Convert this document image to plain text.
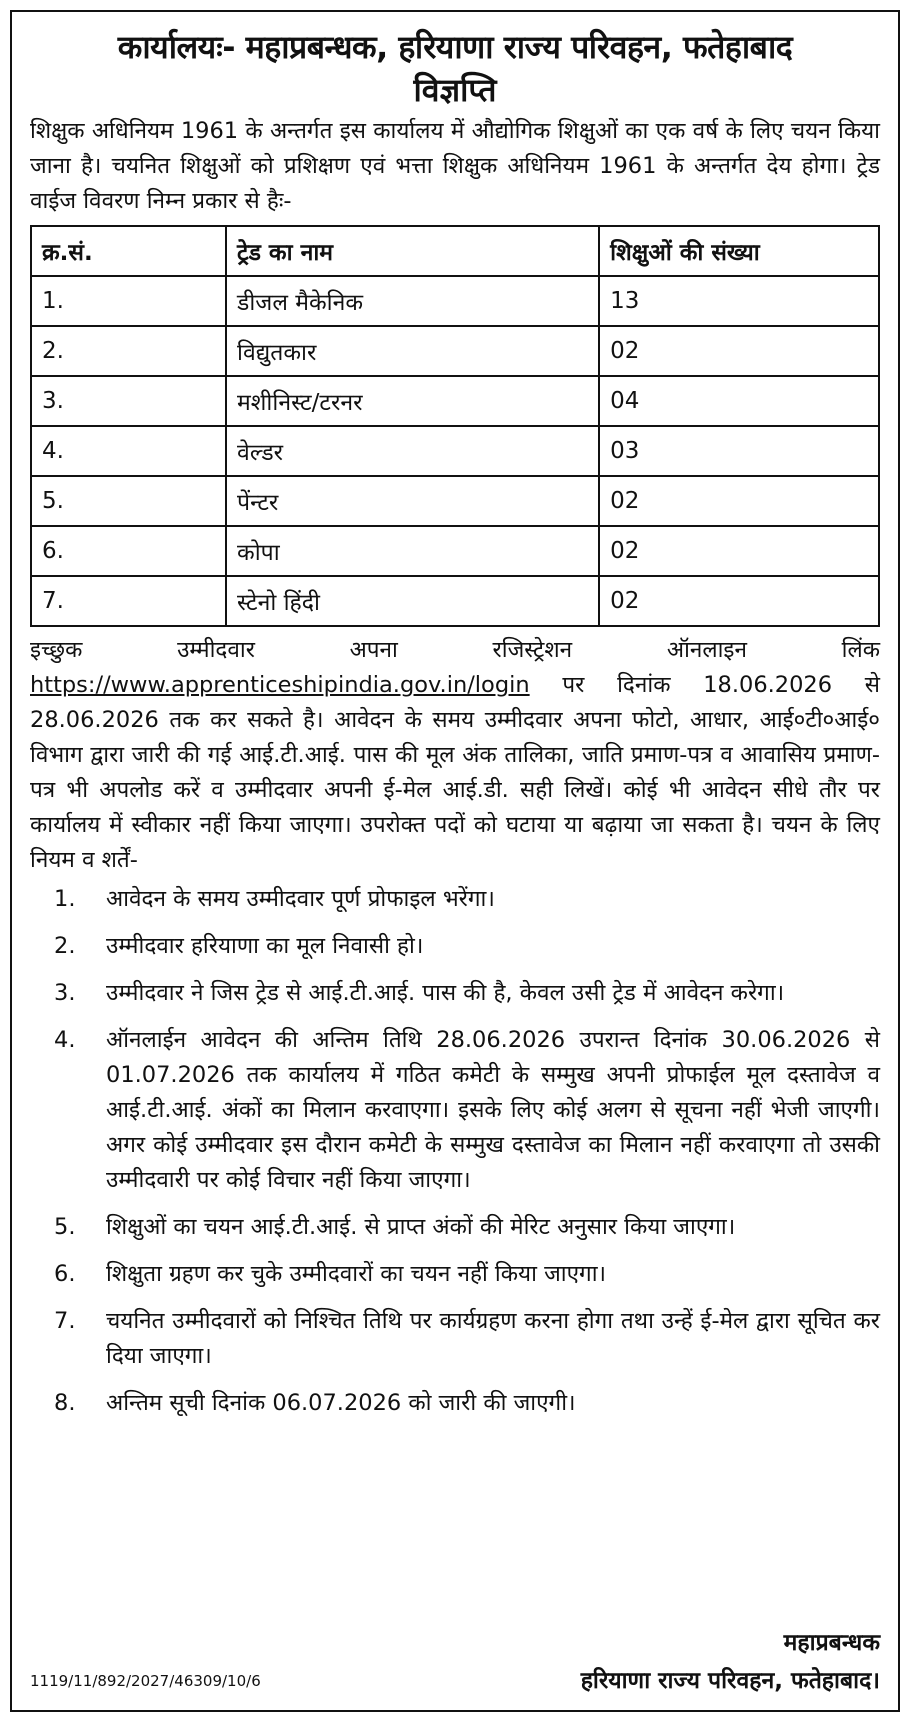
कार्यालयः- महाप्रबन्धक, हरियाणा राज्य परिवहन, फतेहाबाद
विज्ञप्ति

शिक्षुक अधिनियम 1961 के अन्तर्गत इस कार्यालय में औद्योगिक शिक्षुओं का एक वर्ष के लिए चयन किया जाना है। चयनित शिक्षुओं को प्रशिक्षण एवं भत्ता शिक्षुक अधिनियम 1961 के अन्तर्गत देय होगा। ट्रेड वाईज विवरण निम्न प्रकार से हैः-

क्र.सं.	ट्रेड का नाम	शिक्षुओं की संख्या
1.	डीजल मैकेनिक	13
2.	विद्युतकार	02
3.	मशीनिस्ट/टरनर	04
4.	वेल्डर	03
5.	पेंन्टर	02
6.	कोपा	02
7.	स्टेनो हिंदी	02

इच्छुक उम्मीदवार अपना रजिस्ट्रेशन ऑनलाइन लिंक https://www.apprenticeshipindia.gov.in/login पर दिनांक 18.06.2026 से 28.06.2026 तक कर सकते है। आवेदन के समय उम्मीदवार अपना फोटो, आधार, आई०टी०आई० विभाग द्वारा जारी की गई आई.टी.आई. पास की मूल अंक तालिका, जाति प्रमाण-पत्र व आवासिय प्रमाण-पत्र भी अपलोड करें व उम्मीदवार अपनी ई-मेल आई.डी. सही लिखें। कोई भी आवेदन सीधे तौर पर कार्यालय में स्वीकार नहीं किया जाएगा। उपरोक्त पदों को घटाया या बढ़ाया जा सकता है। चयन के लिए नियम व शर्तें-

1.	आवेदन के समय उम्मीदवार पूर्ण प्रोफाइल भरेंगा।
2.	उम्मीदवार हरियाणा का मूल निवासी हो।
3.	उम्मीदवार ने जिस ट्रेड से आई.टी.आई. पास की है, केवल उसी ट्रेड में आवेदन करेगा।
4.	ऑनलाईन आवेदन की अन्तिम तिथि 28.06.2026 उपरान्त दिनांक 30.06.2026 से 01.07.2026 तक कार्यालय में गठित कमेटी के सम्मुख अपनी प्रोफाईल मूल दस्तावेज व आई.टी.आई. अंकों का मिलान करवाएगा। इसके लिए कोई अलग से सूचना नहीं भेजी जाएगी। अगर कोई उम्मीदवार इस दौरान कमेटी के सम्मुख दस्तावेज का मिलान नहीं करवाएगा तो उसकी उम्मीदवारी पर कोई विचार नहीं किया जाएगा।
5.	शिक्षुओं का चयन आई.टी.आई. से प्राप्त अंकों की मेरिट अनुसार किया जाएगा।
6.	शिक्षुता ग्रहण कर चुके उम्मीदवारों का चयन नहीं किया जाएगा।
7.	चयनित उम्मीदवारों को निश्चित तिथि पर कार्यग्रहण करना होगा तथा उन्हें ई-मेल द्वारा सूचित कर दिया जाएगा।
8.	अन्तिम सूची दिनांक 06.07.2026 को जारी की जाएगी।
1119/11/892/2027/46309/10/6
महाप्रबन्धक
हरियाणा राज्य परिवहन, फतेहाबाद।
